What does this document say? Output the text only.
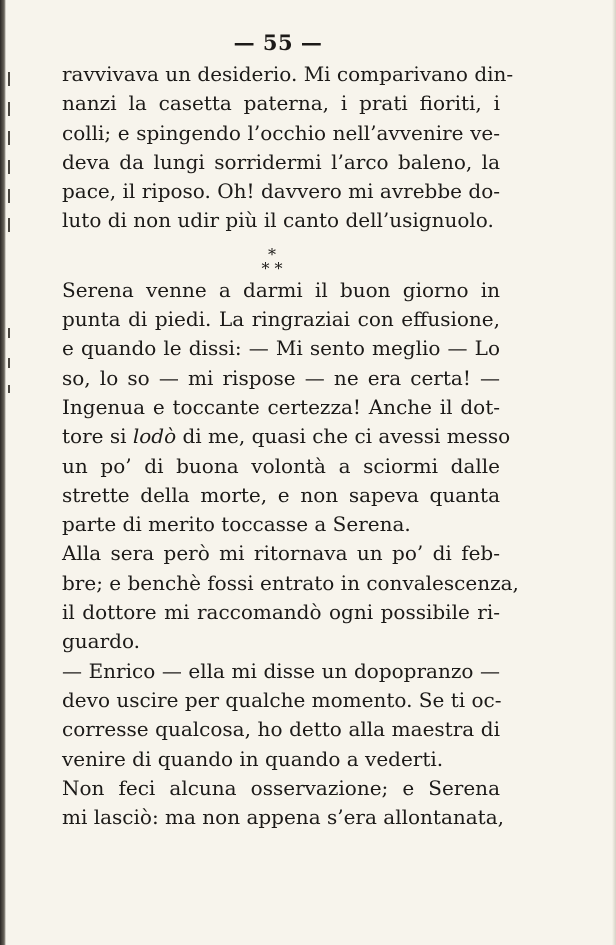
— 55 —
ravvivava un desiderio. Mi comparivano din-
nanzi la casetta paterna, i prati fioriti, i
colli; e spingendo l’occhio nell’avvenire ve-
deva da lungi sorridermi l’arco baleno, la
pace, il riposo. Oh! davvero mi avrebbe do-
luto di non udir più il canto dell’usignuolo.
*
* *
Serena venne a darmi il buon giorno in
punta di piedi. La ringraziai con effusione,
e quando le dissi: — Mi sento meglio — Lo
so, lo so — mi rispose — ne era certa! —
Ingenua e toccante certezza! Anche il dot-
tore si lodò di me, quasi che ci avessi messo
un po’ di buona volontà a sciormi dalle
strette della morte, e non sapeva quanta
parte di merito toccasse a Serena.
Alla sera però mi ritornava un po’ di feb-
bre; e benchè fossi entrato in convalescenza,
il dottore mi raccomandò ogni possibile ri-
guardo.
— Enrico — ella mi disse un dopopranzo —
devo uscire per qualche momento. Se ti oc-
corresse qualcosa, ho detto alla maestra di
venire di quando in quando a vederti.
Non feci alcuna osservazione; e Serena
mi lasciò: ma non appena s’era allontanata,
